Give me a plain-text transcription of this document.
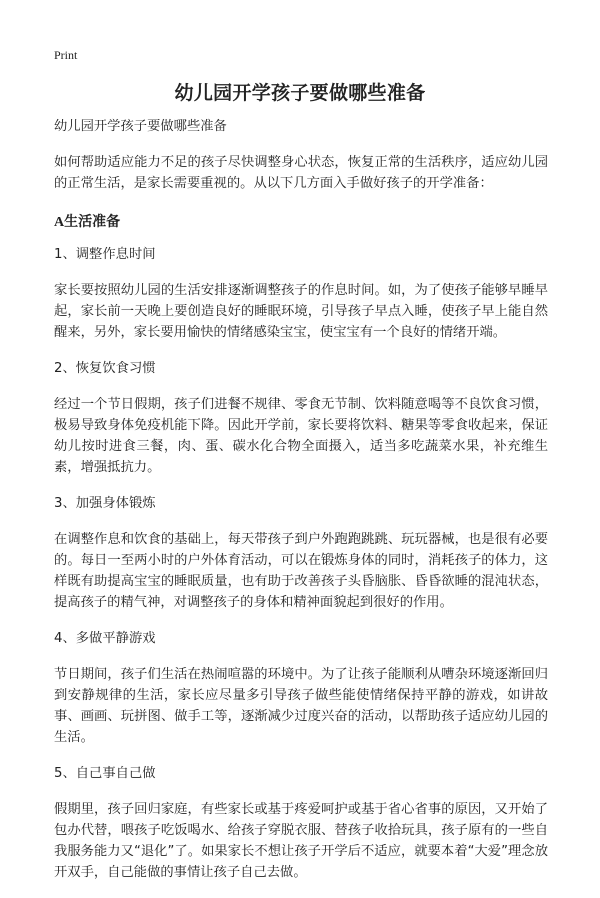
Print
幼儿园开学孩子要做哪些准备

幼儿园开学孩子要做哪些准备

如何帮助适应能力不足的孩子尽快调整身心状态，恢复正常的生活秩序，适应幼儿园的正常生活，是家长需要重视的。从以下几方面入手做好孩子的开学准备：

A生活准备

1、调整作息时间

家长要按照幼儿园的生活安排逐渐调整孩子的作息时间。如，为了使孩子能够早睡早起，家长前一天晚上要创造良好的睡眠环境，引导孩子早点入睡，使孩子早上能自然醒来，另外，家长要用愉快的情绪感染宝宝，使宝宝有一个良好的情绪开端。

2、恢复饮食习惯

经过一个节日假期，孩子们进餐不规律、零食无节制、饮料随意喝等不良饮食习惯，极易导致身体免疫机能下降。因此开学前，家长要将饮料、糖果等零食收起来，保证幼儿按时进食三餐，肉、蛋、碳水化合物全面摄入，适当多吃蔬菜水果，补充维生素，增强抵抗力。

3、加强身体锻炼

在调整作息和饮食的基础上，每天带孩子到户外跑跑跳跳、玩玩器械，也是很有必要的。每日一至两小时的户外体育活动，可以在锻炼身体的同时，消耗孩子的体力，这样既有助提高宝宝的睡眠质量，也有助于改善孩子头昏脑胀、昏昏欲睡的混沌状态，提高孩子的精气神，对调整孩子的身体和精神面貌起到很好的作用。

4、多做平静游戏

节日期间，孩子们生活在热闹喧嚣的环境中。为了让孩子能顺利从嘈杂环境逐渐回归到安静规律的生活，家长应尽量多引导孩子做些能使情绪保持平静的游戏，如讲故事、画画、玩拼图、做手工等，逐渐减少过度兴奋的活动，以帮助孩子适应幼儿园的生活。

5、自己事自己做

假期里，孩子回归家庭，有些家长或基于疼爱呵护或基于省心省事的原因，又开始了包办代替，喂孩子吃饭喝水、给孩子穿脱衣服、替孩子收拾玩具，孩子原有的一些自我服务能力又“退化”了。如果家长不想让孩子开学后不适应，就要本着“大爱”理念放开双手，自己能做的事情让孩子自己去做。
